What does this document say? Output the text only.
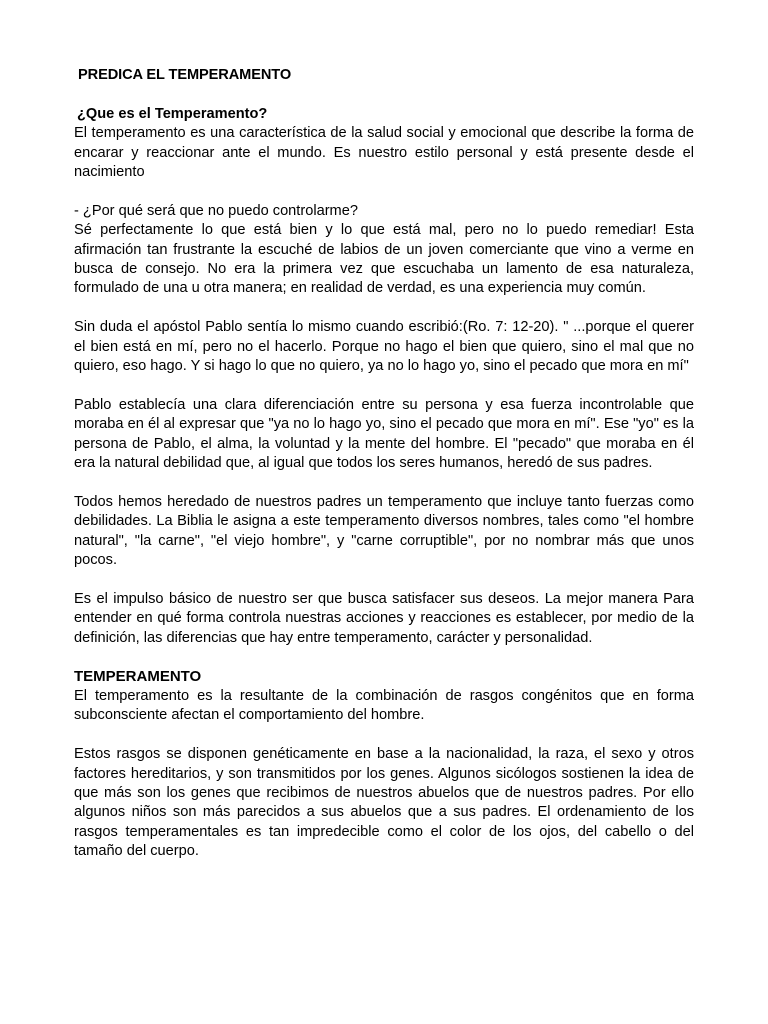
PREDICA EL TEMPERAMENTO

¿Que es el Temperamento?

El temperamento es una característica de la salud social y emocional que describe la forma de encarar y reaccionar ante el mundo. Es nuestro estilo personal y está presente desde el nacimiento

- ¿Por qué será que no puedo controlarme?

Sé perfectamente lo que está bien y lo que está mal, pero no lo puedo remediar! Esta afirmación tan frustrante la escuché de labios de un joven comerciante que vino a verme en busca de consejo. No era la primera vez que escuchaba un lamento de esa naturaleza, formulado de una u otra manera; en realidad de verdad, es una experiencia muy común.

Sin duda el apóstol Pablo sentía lo mismo cuando escribió:(Ro. 7: 12-20). " ...porque el querer el bien está en mí, pero no el hacerlo. Porque no hago el bien que quiero, sino el mal que no quiero, eso hago. Y si hago lo que no quiero, ya no lo hago yo, sino el pecado que mora en mí"

Pablo establecía una clara diferenciación entre su persona y esa fuerza incontrolable que moraba en él al expresar que "ya no lo hago yo, sino el pecado que mora en mí". Ese "yo" es la persona de Pablo, el alma, la voluntad y la mente del hombre. El "pecado" que moraba en él era la natural debilidad que, al igual que todos los seres humanos, heredó de sus padres.

Todos hemos heredado de nuestros padres un temperamento que incluye tanto fuerzas como debilidades. La Biblia le asigna a este temperamento diversos nombres, tales como "el hombre natural", "la carne", "el viejo hombre", y "carne corruptible", por no nombrar más que unos pocos.

Es el impulso básico de nuestro ser que busca satisfacer sus deseos. La mejor manera Para entender en qué forma controla nuestras acciones y reacciones es establecer, por medio de la definición, las diferencias que hay entre temperamento, carácter y personalidad.

TEMPERAMENTO

El temperamento es la resultante de la combinación de rasgos congénitos que en forma subconsciente afectan el comportamiento del hombre.

Estos rasgos se disponen genéticamente en base a la nacionalidad, la raza, el sexo y otros factores hereditarios, y son transmitidos por los genes. Algunos sicólogos sostienen la idea de que más son los genes que recibimos de nuestros abuelos que de nuestros padres. Por ello algunos niños son más parecidos a sus abuelos que a sus padres. El ordenamiento de los rasgos temperamentales es tan impredecible como el color de los ojos, del cabello o del tamaño del cuerpo.
